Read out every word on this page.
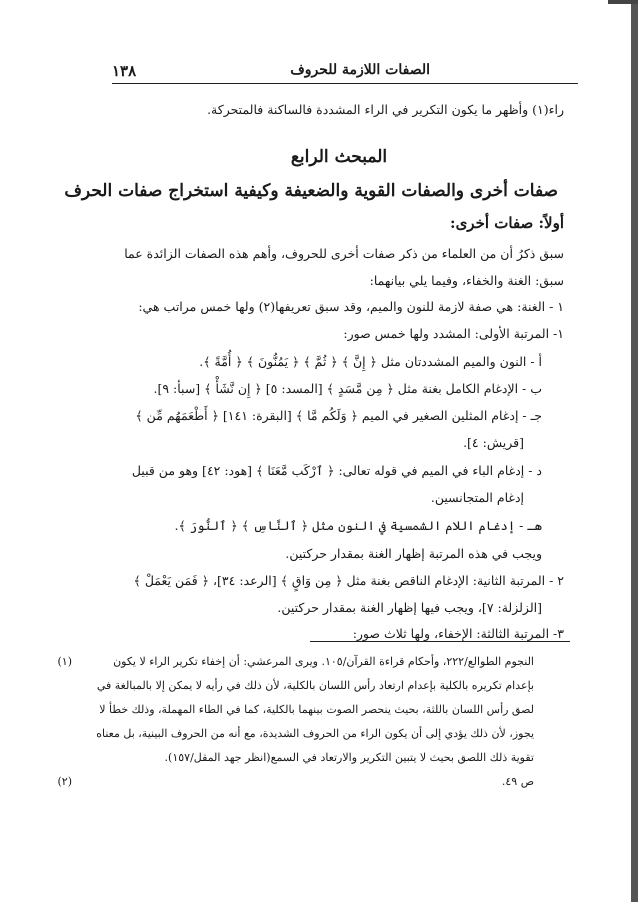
الصفات اللازمة للحروف
١٣٨
راء(١) وأظهر ما يكون التكرير في الراء المشددة فالساكنة فالمتحركة.
المبحث الرابع
صفات أخرى والصفات القوية والضعيفة وكيفية استخراج صفات الحرف
أولاً: صفات أخرى:
سبق ذكرُ أن من العلماء من ذكر صفات أخرى للحروف، وأهم هذه الصفات الزائدة عما
سبق: الغنة والخفاء، وفيما يلي بيانهما:
١ - الغنة: هي صفة لازمة للنون والميم، وقد سبق تعريفها(٢) ولها خمس مراتب هي:
١- المرتبة الأولى: المشدد ولها خمس صور:
أ - النون والميم المشددتان مثل ﴿ إِنَّ ﴾ ﴿ ثُمَّ ﴾ ﴿ يَمُنُّونَ ﴾ ﴿ أُمَّةً ﴾.
ب - الإدغام الكامل بغنة مثل ﴿ مِن مَّسَدٍ ﴾ [المسد: ٥] ﴿ إِن نَّشَأْ ﴾ [سبأ: ٩].
جـ - إدغام المثلين الصغير في الميم ﴿ وَلَكُم مَّا ﴾ [البقرة: ١٤١] ﴿ أَطْعَمَهُم مِّن ﴾
[قريش: ٤].
د - إدغام الباء في الميم في قوله تعالى: ﴿ ٱرْكَب مَّعَنَا ﴾ [هود: ٤٢] وهو من قبيل
إدغام المتجانسين.
هـ - إدغام اللام الشمسية في النون مثل ﴿ ٱلنَّاسِ ﴾ ﴿ ٱلنُّورَ ﴾.
ويجب في هذه المرتبة إظهار الغنة بمقدار حركتين.
٢ - المرتبة الثانية: الإدغام الناقص بغنة مثل ﴿ مِن وَاقٍ ﴾ [الرعد: ٣٤]، ﴿ فَمَن يَعْمَلْ ﴾
[الزلزلة: ٧]، ويجب فيها إظهار الغنة بمقدار حركتين.
٣- المرتبة الثالثة: الإخفاء، ولها ثلاث صور:
(١)	النجوم الطوالع/٢٢٢، وأحكام قراءة القرآن/١٠٥. ويرى المرعشي: أن إخفاء تكرير الراء لا يكون
بإعدام تكريره بالكلية بإعدام ارتعاد رأس اللسان بالكلية، لأن ذلك في رأيه لا يمكن إلا بالمبالغة في
لصق رأس اللسان باللثة، بحيث ينحصر الصوت بينهما بالكلية، كما في الطاء المهملة، وذلك خطأ لا
يجوز، لأن ذلك يؤدي إلى أن يكون الراء من الحروف الشديدة، مع أنه من الحروف البينية، بل معناه
تقوية ذلك اللصق بحيث لا يتبين التكرير والارتعاد في السمع(انظر جهد المقل/١٥٧).
(٢)	ص ٤٩.
